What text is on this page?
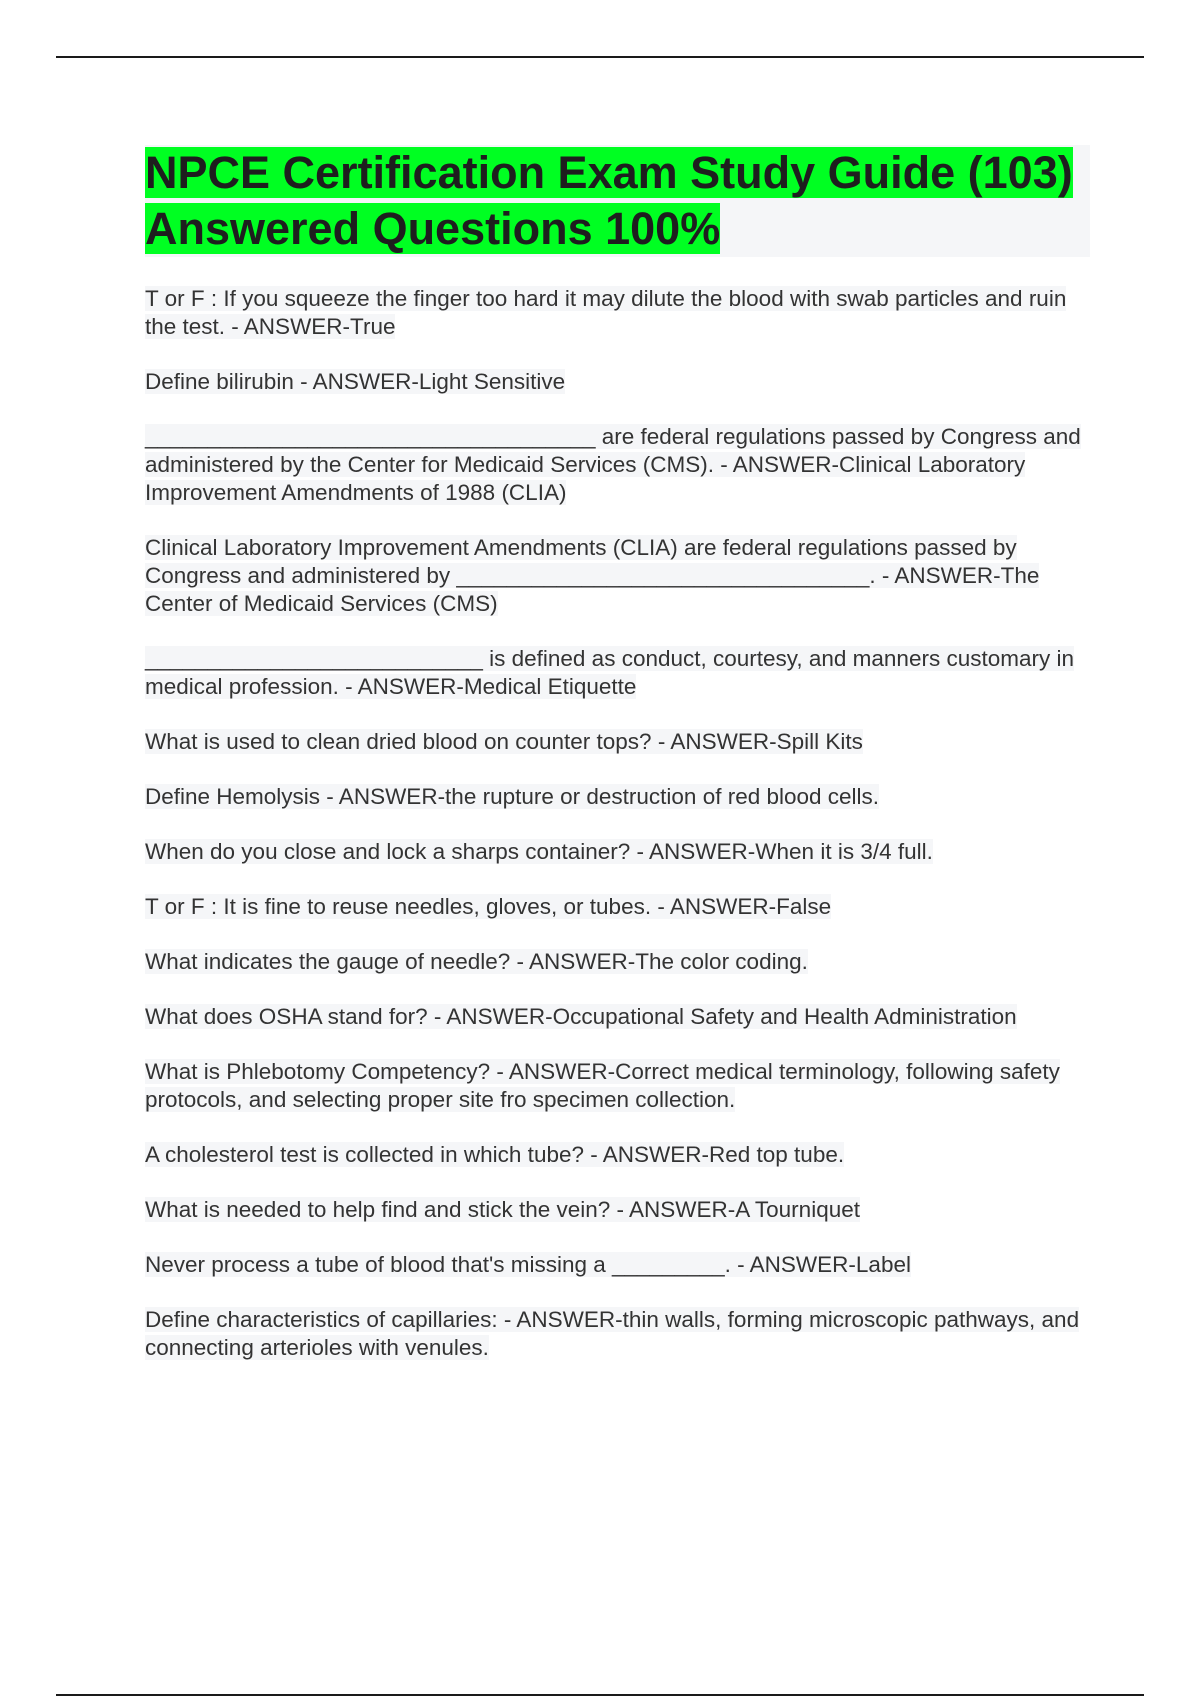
NPCE Certification Exam Study Guide (103) Answered Questions 100%
T or F : If you squeeze the finger too hard it may dilute the blood with swab particles and ruin the test. - ANSWER-True
Define bilirubin - ANSWER-Light Sensitive
____________________________________ are federal regulations passed by Congress and administered by the Center for Medicaid Services (CMS). - ANSWER-Clinical Laboratory Improvement Amendments of 1988 (CLIA)
Clinical Laboratory Improvement Amendments (CLIA) are federal regulations passed by Congress and administered by _________________________________. - ANSWER-The Center of Medicaid Services (CMS)
___________________________ is defined as conduct, courtesy, and manners customary in medical profession. - ANSWER-Medical Etiquette
What is used to clean dried blood on counter tops? - ANSWER-Spill Kits
Define Hemolysis - ANSWER-the rupture or destruction of red blood cells.
When do you close and lock a sharps container? - ANSWER-When it is 3/4 full.
T or F : It is fine to reuse needles, gloves, or tubes. - ANSWER-False
What indicates the gauge of needle? - ANSWER-The color coding.
What does OSHA stand for? - ANSWER-Occupational Safety and Health Administration
What is Phlebotomy Competency? - ANSWER-Correct medical terminology, following safety protocols, and selecting proper site fro specimen collection.
A cholesterol test is collected in which tube? - ANSWER-Red top tube.
What is needed to help find and stick the vein? - ANSWER-A Tourniquet
Never process a tube of blood that's missing a _________. - ANSWER-Label
Define characteristics of capillaries: - ANSWER-thin walls, forming microscopic pathways, and connecting arterioles with venules.
